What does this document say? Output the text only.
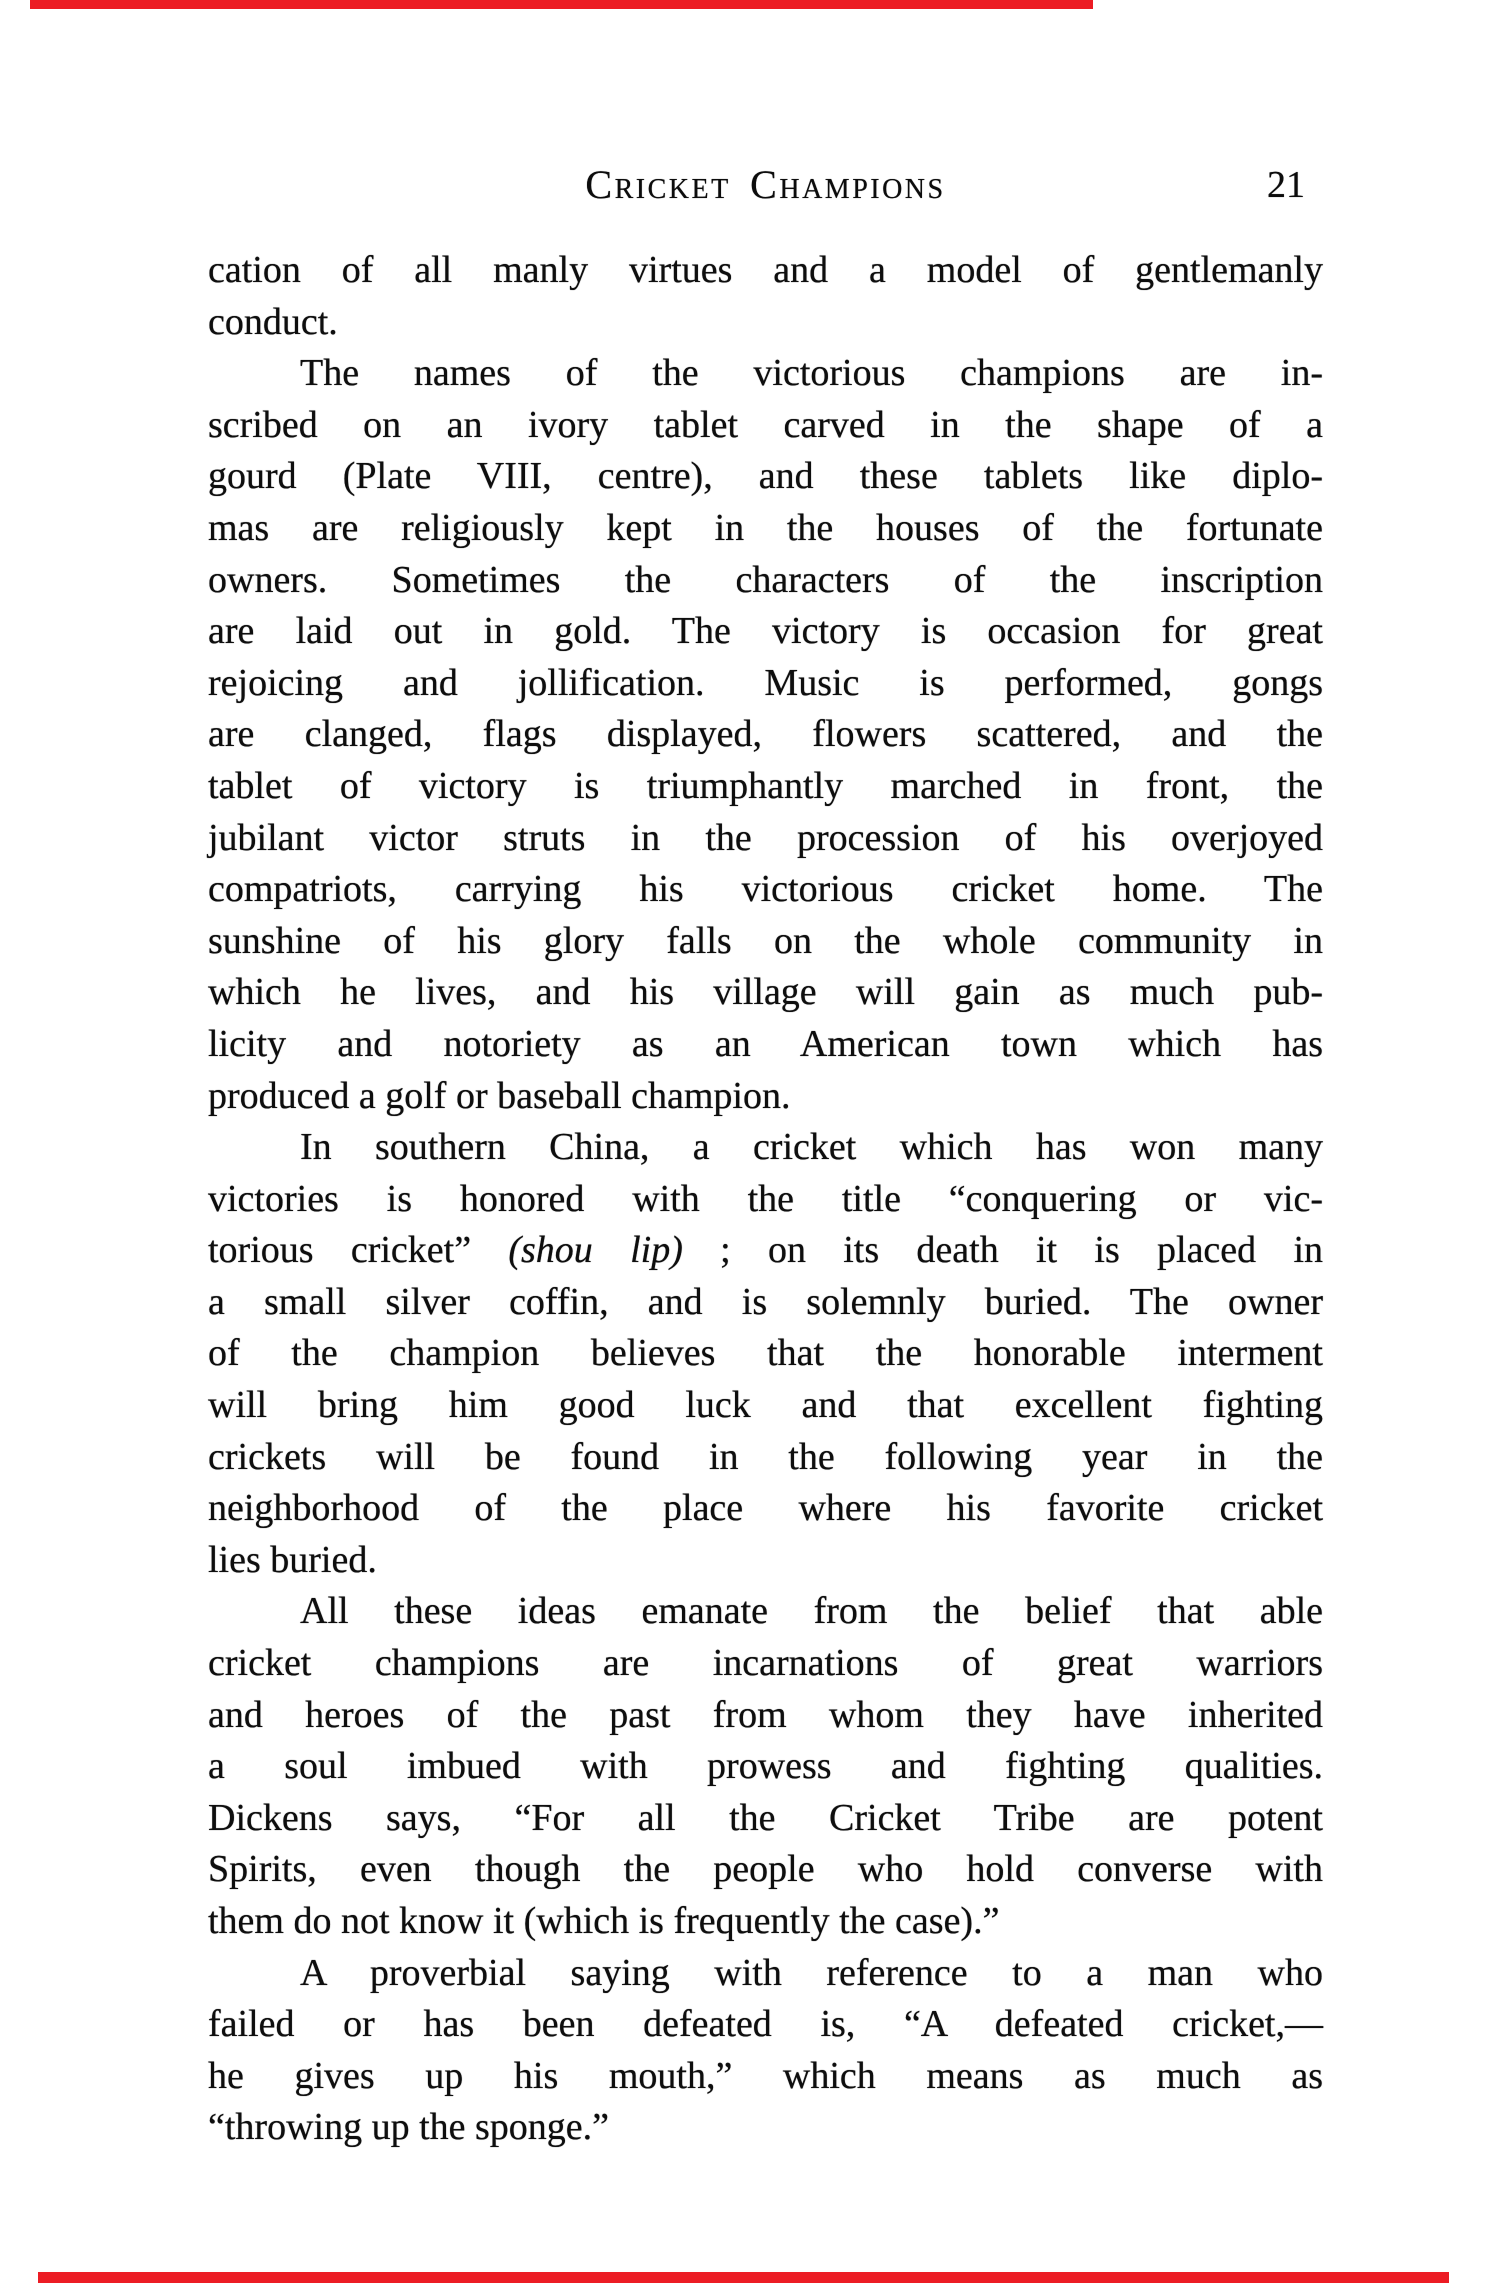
Cricket Champions	21
cation of all manly virtues and a model of gentlemanly
conduct.
The names of the victorious champions are in-
scribed on an ivory tablet carved in the shape of a
gourd (Plate VIII, centre), and these tablets like diplo-
mas are religiously kept in the houses of the fortunate
owners. Sometimes the characters of the inscription
are laid out in gold. The victory is occasion for great
rejoicing and jollification. Music is performed, gongs
are clanged, flags displayed, flowers scattered, and the
tablet of victory is triumphantly marched in front, the
jubilant victor struts in the procession of his overjoyed
compatriots, carrying his victorious cricket home. The
sunshine of his glory falls on the whole community in
which he lives, and his village will gain as much pub-
licity and notoriety as an American town which has
produced a golf or baseball champion.
In southern China, a cricket which has won many
victories is honored with the title “conquering or vic-
torious cricket” (shou lip) ; on its death it is placed in
a small silver coffin, and is solemnly buried. The owner
of the champion believes that the honorable interment
will bring him good luck and that excellent fighting
crickets will be found in the following year in the
neighborhood of the place where his favorite cricket
lies buried.
All these ideas emanate from the belief that able
cricket champions are incarnations of great warriors
and heroes of the past from whom they have inherited
a soul imbued with prowess and fighting qualities.
Dickens says, “For all the Cricket Tribe are potent
Spirits, even though the people who hold converse with
them do not know it (which is frequently the case).”
A proverbial saying with reference to a man who
failed or has been defeated is, “A defeated cricket,—
he gives up his mouth,” which means as much as
“throwing up the sponge.”
